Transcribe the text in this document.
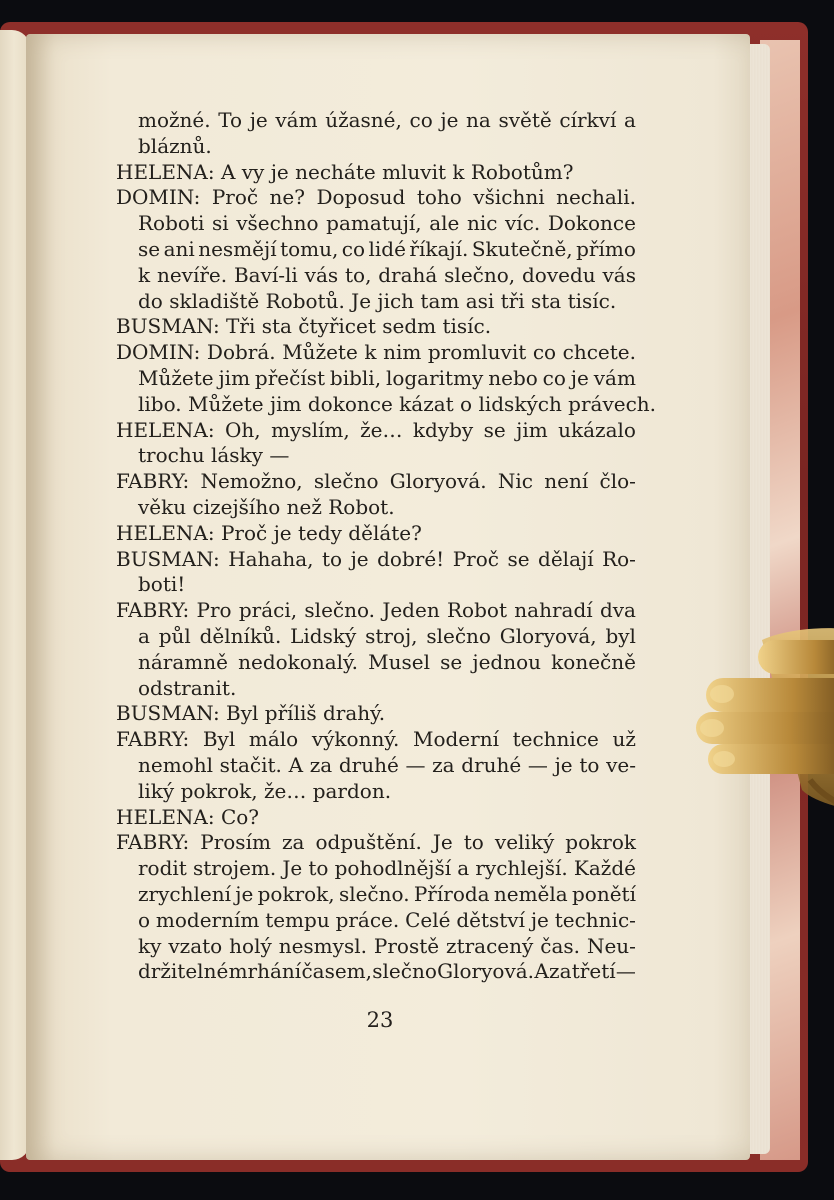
možné. To je vám úžasné, co je na světě církví a
bláznů.
HELENA: A vy je necháte mluvit k Robotům?
DOMIN: Proč ne? Doposud toho všichni nechali.
Roboti si všechno pamatují, ale nic víc. Dokonce
se ani nesmějí tomu, co lidé říkají. Skutečně, přímo
k nevíře. Baví-li vás to, drahá slečno, dovedu vás
do skladiště Robotů. Je jich tam asi tři sta tisíc.
BUSMAN: Tři sta čtyřicet sedm tisíc.
DOMIN: Dobrá. Můžete k nim promluvit co chcete.
Můžete jim přečíst bibli, logaritmy nebo co je vám
libo. Můžete jim dokonce kázat o lidských právech.
HELENA: Oh, myslím, že… kdyby se jim ukázalo
trochu lásky —
FABRY: Nemožno, slečno Gloryová. Nic není člo-
věku cizejšího než Robot.
HELENA: Proč je tedy děláte?
BUSMAN: Hahaha, to je dobré! Proč se dělají Ro-
boti!
FABRY: Pro práci, slečno. Jeden Robot nahradí dva
a půl dělníků. Lidský stroj, slečno Gloryová, byl
náramně nedokonalý. Musel se jednou konečně
odstranit.
BUSMAN: Byl příliš drahý.
FABRY: Byl málo výkonný. Moderní technice už
nemohl stačit. A za druhé — za druhé — je to ve-
liký pokrok, že… pardon.
HELENA: Co?
FABRY: Prosím za odpuštění. Je to veliký pokrok
rodit strojem. Je to pohodlnější a rychlejší. Každé
zrychlení je pokrok, slečno. Příroda neměla ponětí
o moderním tempu práce. Celé dětství je technic-
ky vzato holý nesmysl. Prostě ztracený čas. Neu-
držitelné mrhání časem, slečno Gloryová. A za třetí —
23
